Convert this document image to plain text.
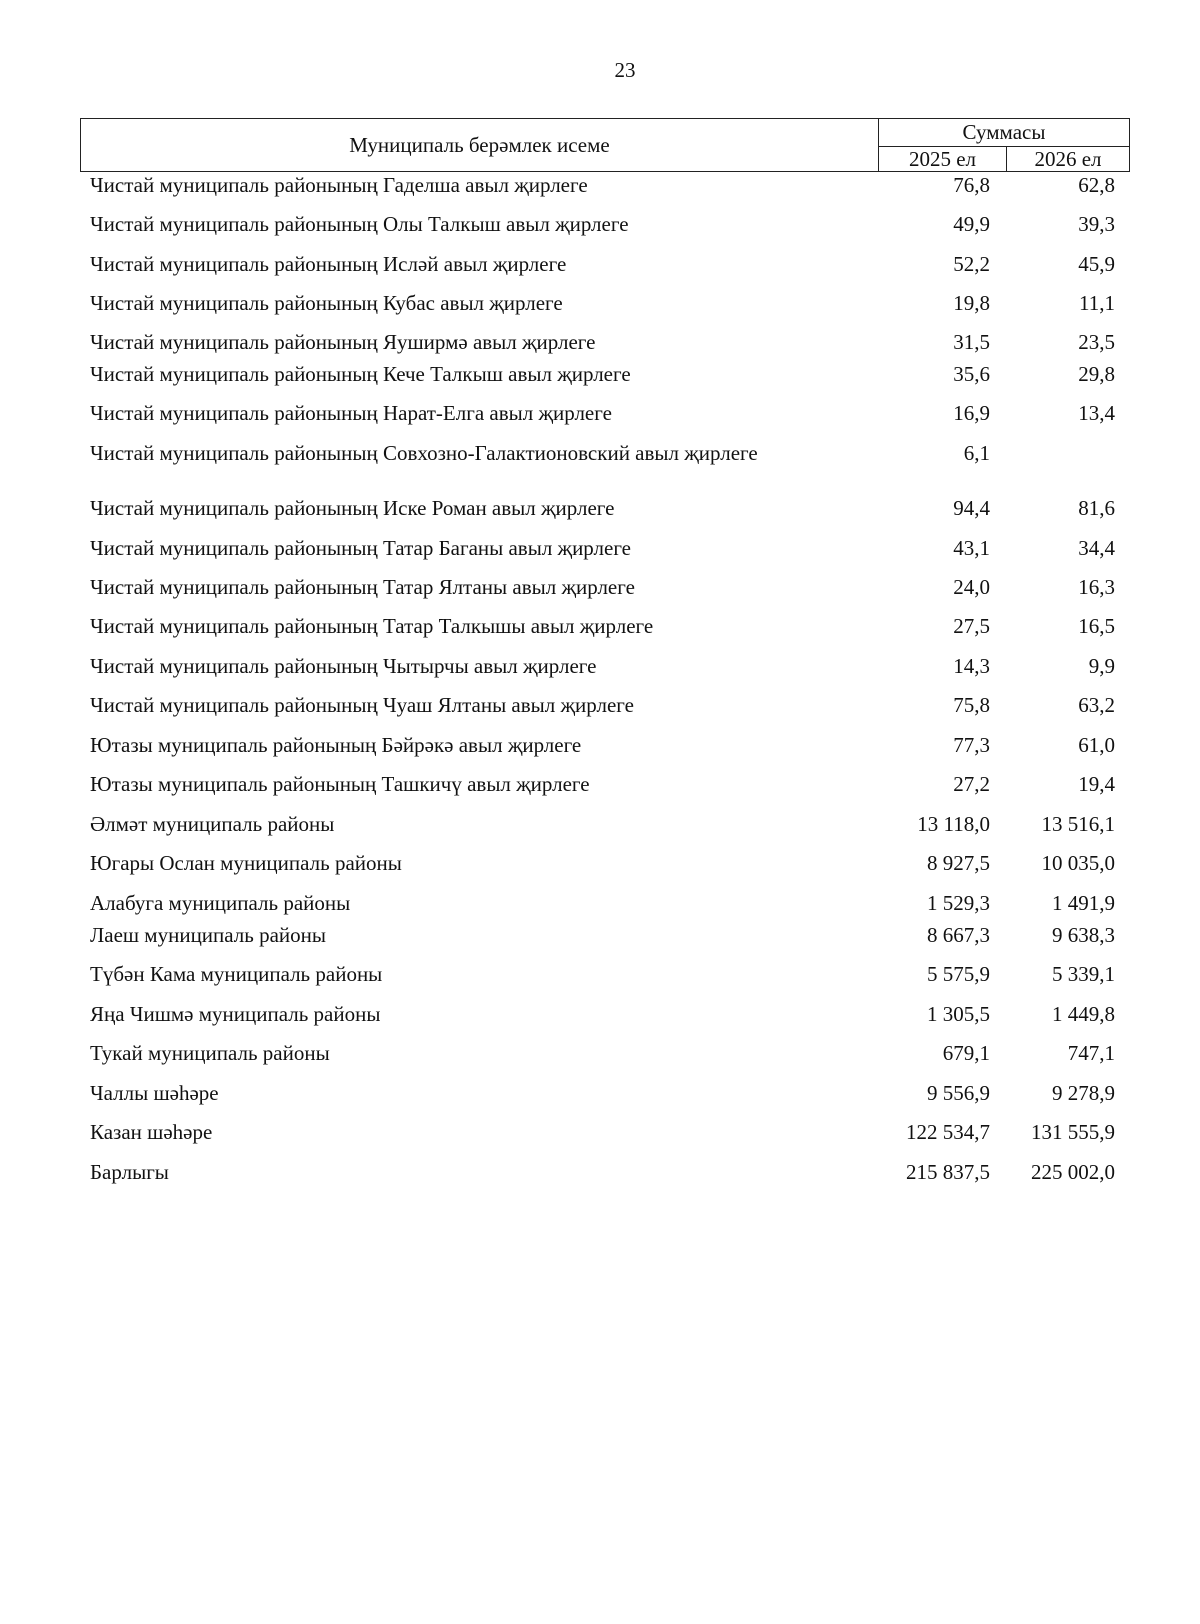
23
Муниципаль берәмлек исеме
Суммасы
2025 ел	2026 ел
Чистай муниципаль районының Гаделша авыл җирлеге	76,8	62,8
Чистай муниципаль районының Олы Талкыш авыл җирлеге	49,9	39,3
Чистай муниципаль районының Исләй авыл җирлеге	52,2	45,9
Чистай муниципаль районының Кубас авыл җирлеге	19,8	11,1
Чистай муниципаль районының Яуширмә авыл җирлеге	31,5	23,5
Чистай муниципаль районының Кече Талкыш авыл җирлеге	35,6	29,8
Чистай муниципаль районының Нарат-Елга авыл җирлеге	16,9	13,4
Чистай муниципаль районының Совхозно-Галактионовский авыл җирлеге	6,1
Чистай муниципаль районының Иске Роман авыл җирлеге	94,4	81,6
Чистай муниципаль районының Татар Баганы авыл җирлеге	43,1	34,4
Чистай муниципаль районының Татар Ялтаны авыл җирлеге	24,0	16,3
Чистай муниципаль районының Татар Талкышы авыл җирлеге	27,5	16,5
Чистай муниципаль районының Чытырчы авыл җирлеге	14,3	9,9
Чистай муниципаль районының Чуаш Ялтаны авыл җирлеге	75,8	63,2
Ютазы муниципаль районының Бәйрәкә авыл җирлеге	77,3	61,0
Ютазы муниципаль районының Ташкичү авыл җирлеге	27,2	19,4
Әлмәт муниципаль районы	13 118,0	13 516,1
Югары Ослан муниципаль районы	8 927,5	10 035,0
Алабуга муниципаль районы	1 529,3	1 491,9
Лаеш муниципаль районы	8 667,3	9 638,3
Түбән Кама муниципаль районы	5 575,9	5 339,1
Яңа Чишмә муниципаль районы	1 305,5	1 449,8
Тукай муниципаль районы	679,1	747,1
Чаллы шәһәре	9 556,9	9 278,9
Казан шәһәре	122 534,7	131 555,9
Барлыгы	215 837,5	225 002,0
